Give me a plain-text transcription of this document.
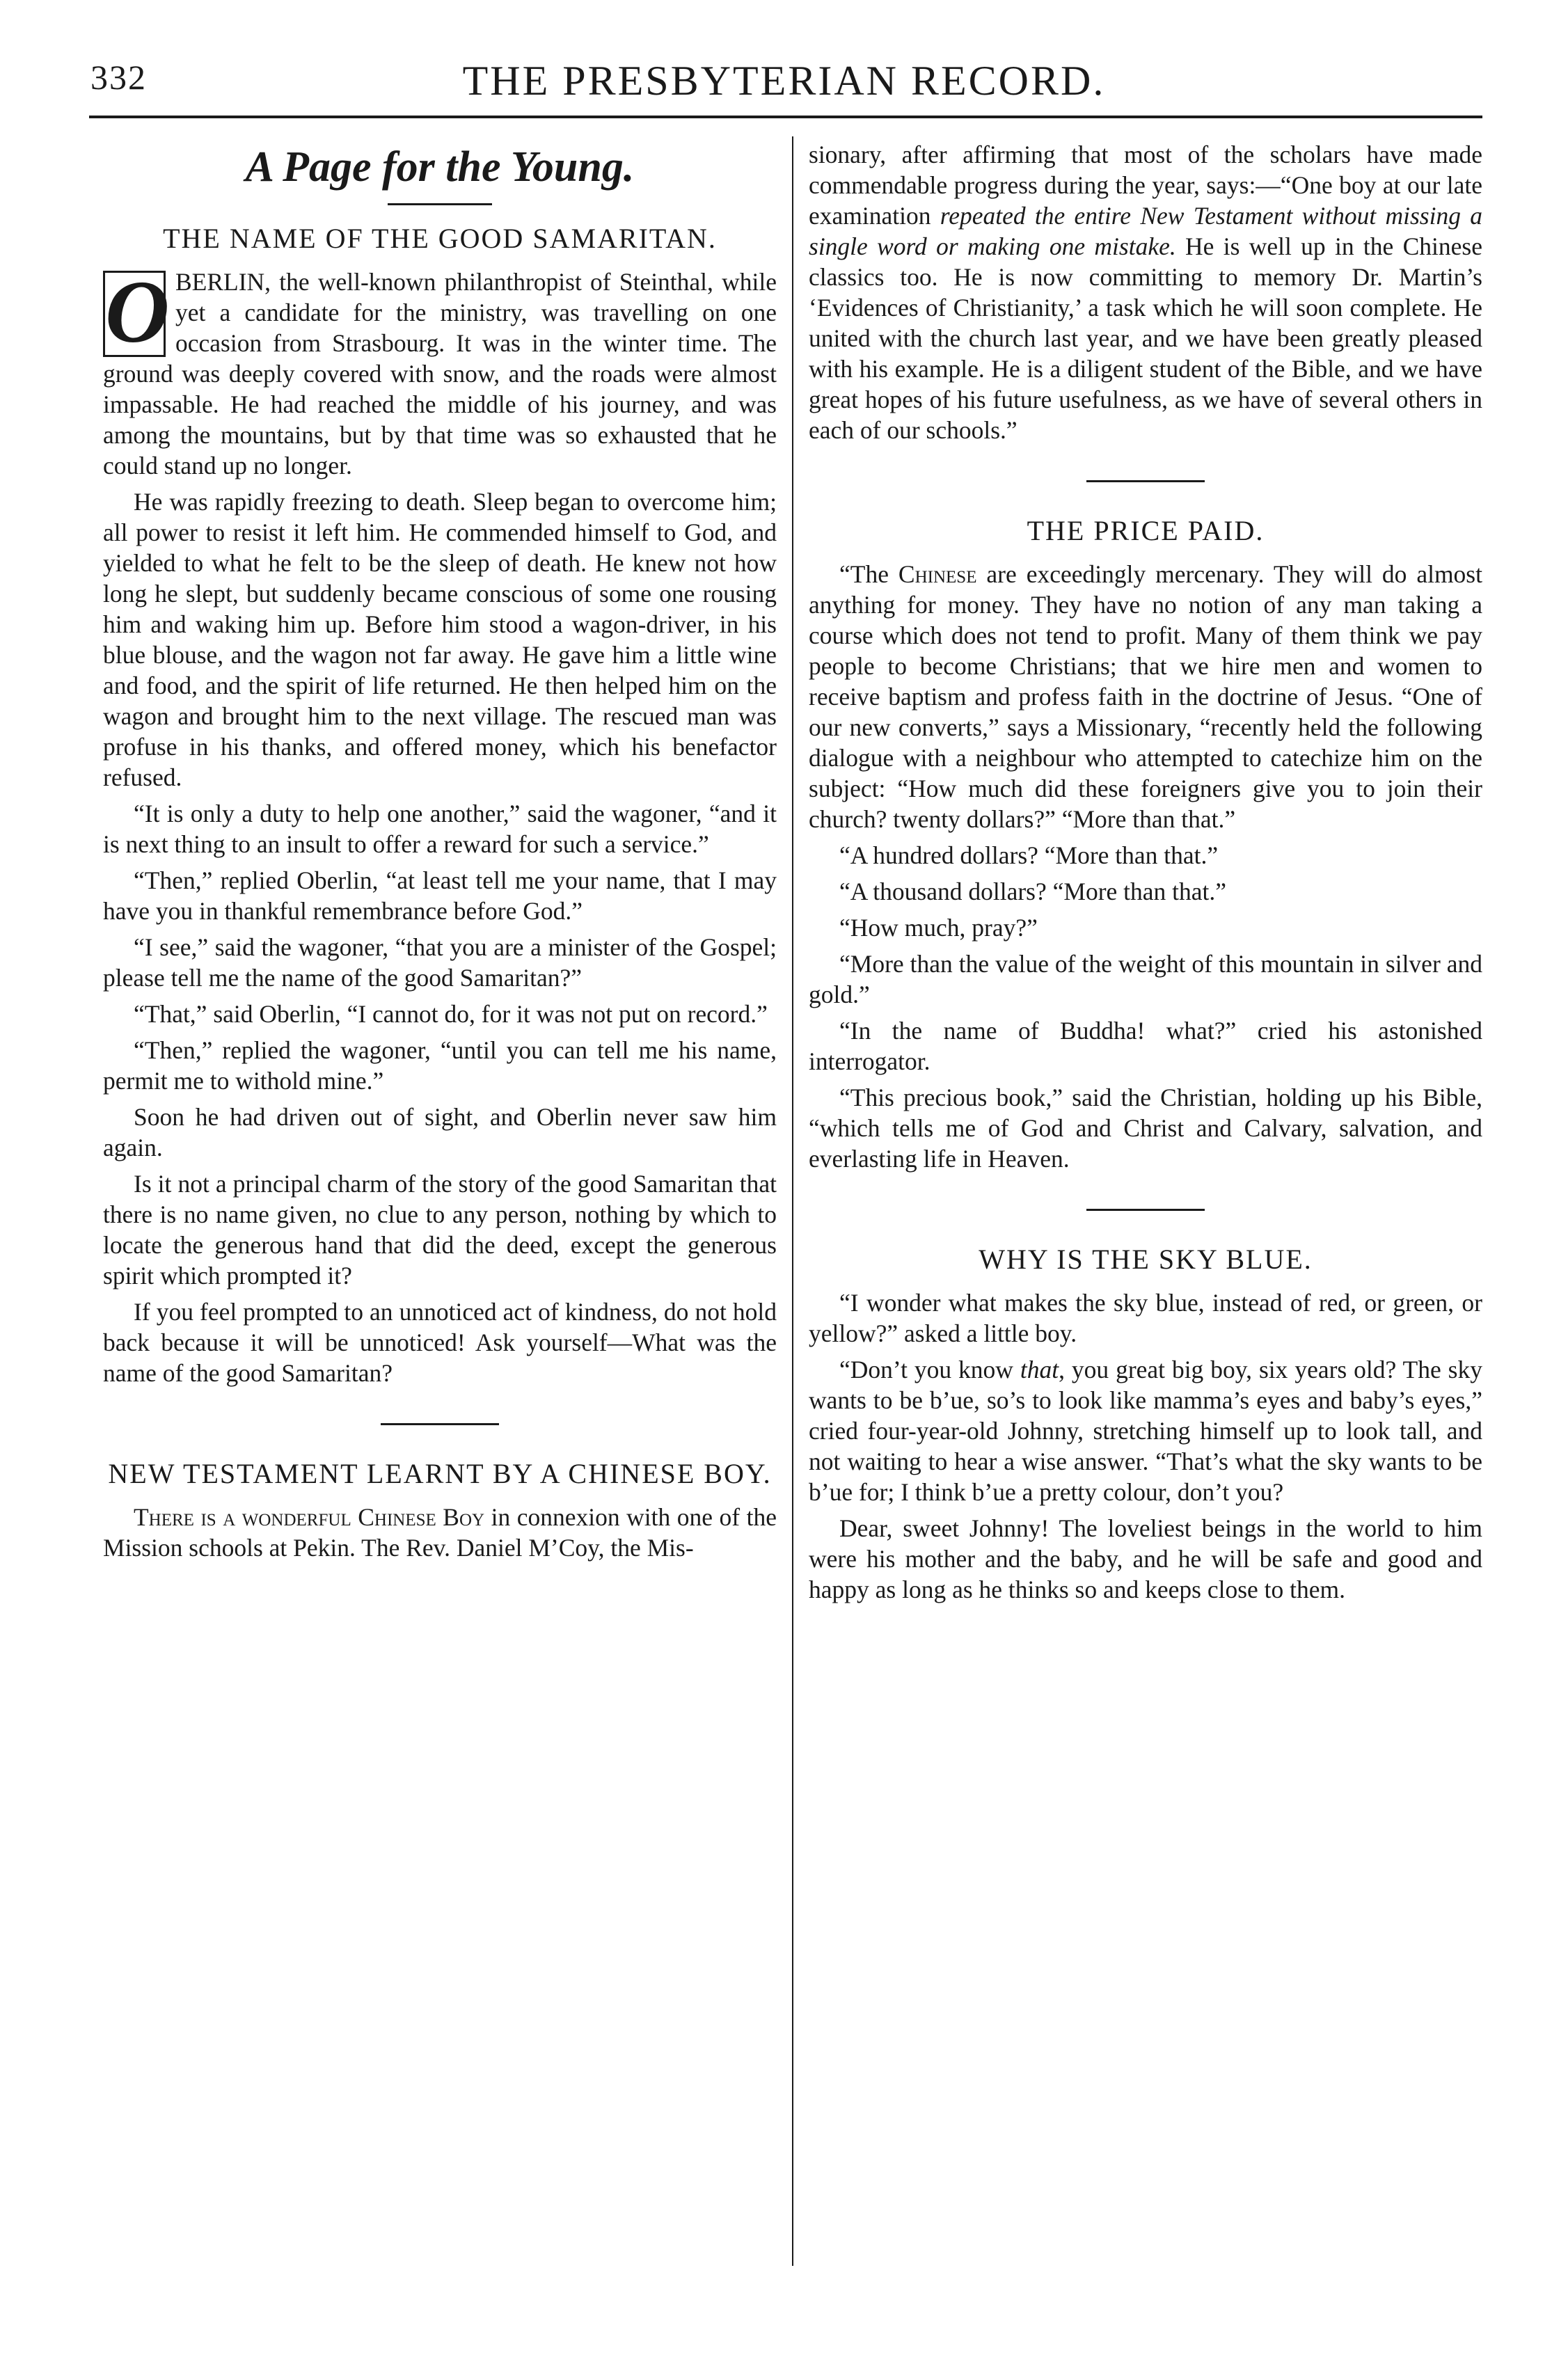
332	THE PRESBYTERIAN RECORD.
A Page for the Young.
THE NAME OF THE GOOD SAMARITAN.

O BERLIN, the well-known philanthropist of Steinthal, while yet a candidate for the ministry, was travelling on one occasion from Strasbourg. It was in the winter time. The ground was deeply covered with snow, and the roads were almost impassable. He had reached the middle of his journey, and was among the mountains, but by that time was so exhausted that he could stand up no longer.

He was rapidly freezing to death. Sleep began to overcome him; all power to resist it left him. He commended himself to God, and yielded to what he felt to be the sleep of death. He knew not how long he slept, but suddenly became conscious of some one rousing him and waking him up. Before him stood a wagon-driver, in his blue blouse, and the wagon not far away. He gave him a little wine and food, and the spirit of life returned. He then helped him on the wagon and brought him to the next village. The rescued man was profuse in his thanks, and offered money, which his benefactor refused.

“It is only a duty to help one another,” said the wagoner, “and it is next thing to an insult to offer a reward for such a service.”

“Then,” replied Oberlin, “at least tell me your name, that I may have you in thankful remembrance before God.”

“I see,” said the wagoner, “that you are a minister of the Gospel; please tell me the name of the good Samaritan?”

“That,” said Oberlin, “I cannot do, for it was not put on record.”

“Then,” replied the wagoner, “until you can tell me his name, permit me to withold mine.”

Soon he had driven out of sight, and Oberlin never saw him again.

Is it not a principal charm of the story of the good Samaritan that there is no name given, no clue to any person, nothing by which to locate the generous hand that did the deed, except the generous spirit which prompted it?

If you feel prompted to an unnoticed act of kindness, do not hold back because it will be unnoticed! Ask yourself—What was the name of the good Samaritan?

NEW TESTAMENT LEARNT BY A CHINESE BOY.

There is a wonderful Chinese Boy in connexion with one of the Mission schools at Pekin. The Rev. Daniel M’Coy, the Mis-

sionary, after affirming that most of the scholars have made commendable progress during the year, says:—“One boy at our late examination repeated the entire New Testament without missing a single word or making one mistake. He is well up in the Chinese classics too. He is now committing to memory Dr. Martin’s ‘Evidences of Christianity,’ a task which he will soon complete. He united with the church last year, and we have been greatly pleased with his example. He is a diligent student of the Bible, and we have great hopes of his future usefulness, as we have of several others in each of our schools.”

THE PRICE PAID.

“The Chinese are exceedingly mercenary. They will do almost anything for money. They have no notion of any man taking a course which does not tend to profit. Many of them think we pay people to become Christians; that we hire men and women to receive baptism and profess faith in the doctrine of Jesus. “One of our new converts,” says a Missionary, “recently held the following dialogue with a neighbour who attempted to catechize him on the subject: “How much did these foreigners give you to join their church? twenty dollars?” “More than that.”

“A hundred dollars? “More than that.”

“A thousand dollars? “More than that.”

“How much, pray?”

“More than the value of the weight of this mountain in silver and gold.”

“In the name of Buddha! what?” cried his astonished interrogator.

“This precious book,” said the Christian, holding up his Bible, “which tells me of God and Christ and Calvary, salvation, and everlasting life in Heaven.

WHY IS THE SKY BLUE.

“I wonder what makes the sky blue, instead of red, or green, or yellow?” asked a little boy.

“Don’t you know that, you great big boy, six years old? The sky wants to be b’ue, so’s to look like mamma’s eyes and baby’s eyes,” cried four-year-old Johnny, stretching himself up to look tall, and not waiting to hear a wise answer. “That’s what the sky wants to be b’ue for; I think b’ue a pretty colour, don’t you?

Dear, sweet Johnny! The loveliest beings in the world to him were his mother and the baby, and he will be safe and good and happy as long as he thinks so and keeps close to them.
